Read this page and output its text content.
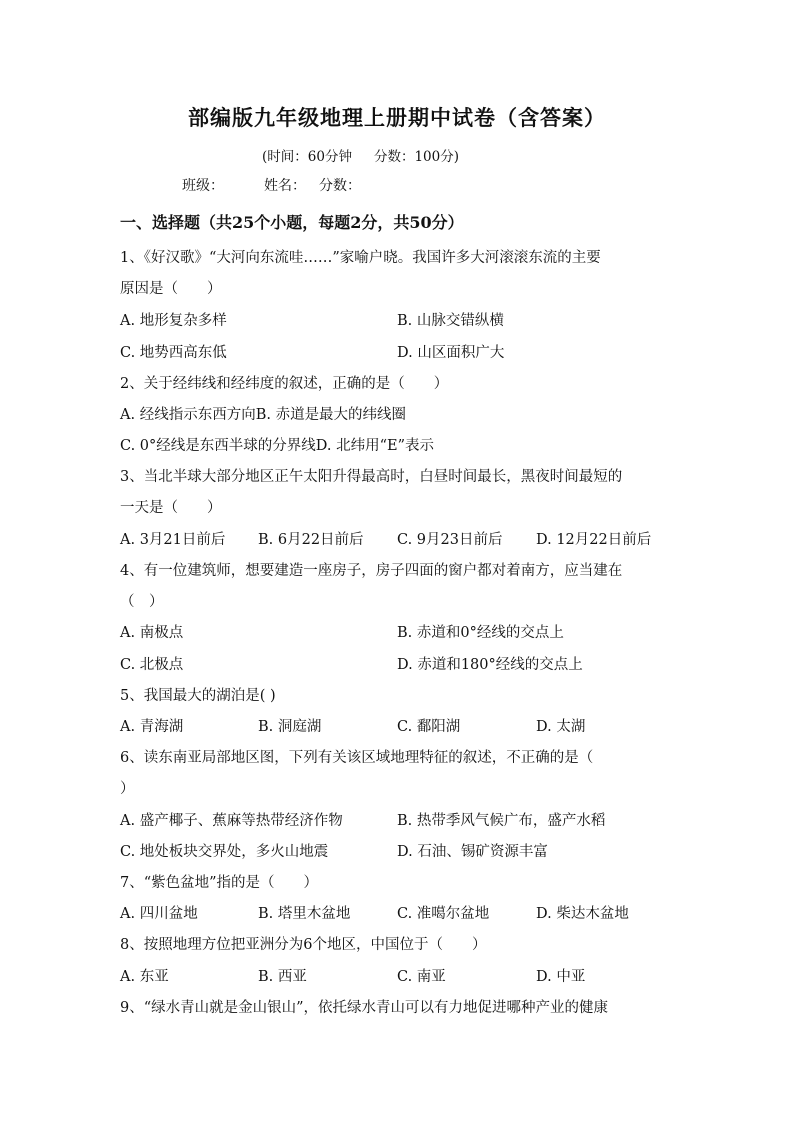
部编版九年级地理上册期中试卷（含答案）
(时间：60分钟 分数：100分)
班级：	姓名： 分数：
一、选择题（共25个小题，每题2分，共50分）
1、《好汉歌》“大河向东流哇……”家喻户晓。我国许多大河滚滚东流的主要
原因是（　　）
A. 地形复杂多样	B. 山脉交错纵横
C. 地势西高东低	D. 山区面积广大
2、关于经纬线和经纬度的叙述，正确的是（　　）
A. 经线指示东西方向B. 赤道是最大的纬线圈
C. 0°经线是东西半球的分界线D. 北纬用“E”表示
3、当北半球大部分地区正午太阳升得最高时，白昼时间最长，黑夜时间最短的
一天是（　　）
A. 3月21日前后 B. 6月22日前后 C. 9月23日前后 D. 12月22日前后
4、有一位建筑师，想要建造一座房子，房子四面的窗户都对着南方，应当建在
（　）
A. 南极点	B. 赤道和0°经线的交点上
C. 北极点	D. 赤道和180°经线的交点上
5、我国最大的湖泊是( )
A. 青海湖	B. 洞庭湖	C. 鄱阳湖	D. 太湖
6、读东南亚局部地区图，下列有关该区域地理特征的叙述，不正确的是（
）
A. 盛产椰子、蕉麻等热带经济作物	B. 热带季风气候广布，盛产水稻
C. 地处板块交界处，多火山地震	D. 石油、锡矿资源丰富
7、“紫色盆地”指的是（　　）
A. 四川盆地	B. 塔里木盆地	C. 准噶尔盆地	D. 柴达木盆地
8、按照地理方位把亚洲分为6个地区，中国位于（　　）
A. 东亚	B. 西亚	C. 南亚	D. 中亚
9、“绿水青山就是金山银山”，依托绿水青山可以有力地促进哪种产业的健康
